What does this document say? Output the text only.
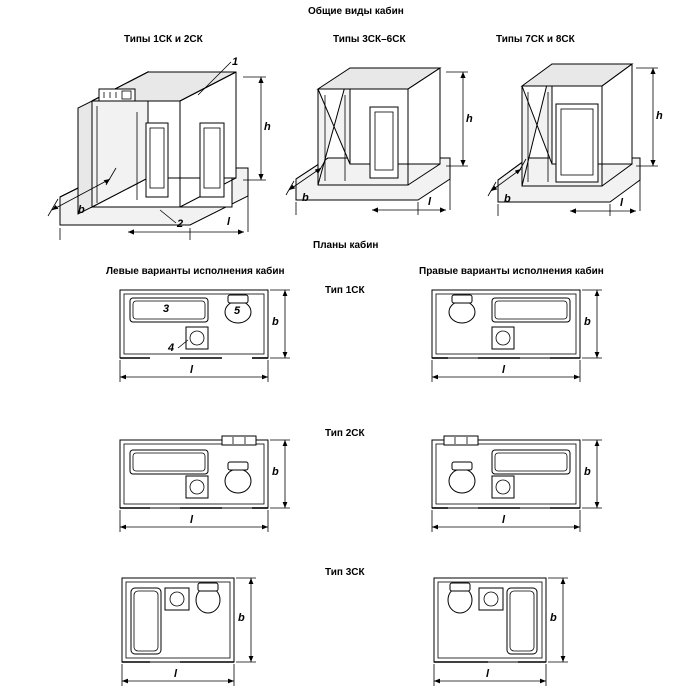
Общие виды кабин
Планы кабин
Типы 1СК и 2СК	Типы 3СК–6СК	Типы 7СК и 8СК
Левые варианты исполнения кабин	Правые варианты исполнения кабин
Тип 1СК
Тип 2СК
Тип 3СК
h
b
l
1
2
h
b	l
h
b	l
b
l
b
l
3
4
5
b
l
b
l
b
l
b
l
